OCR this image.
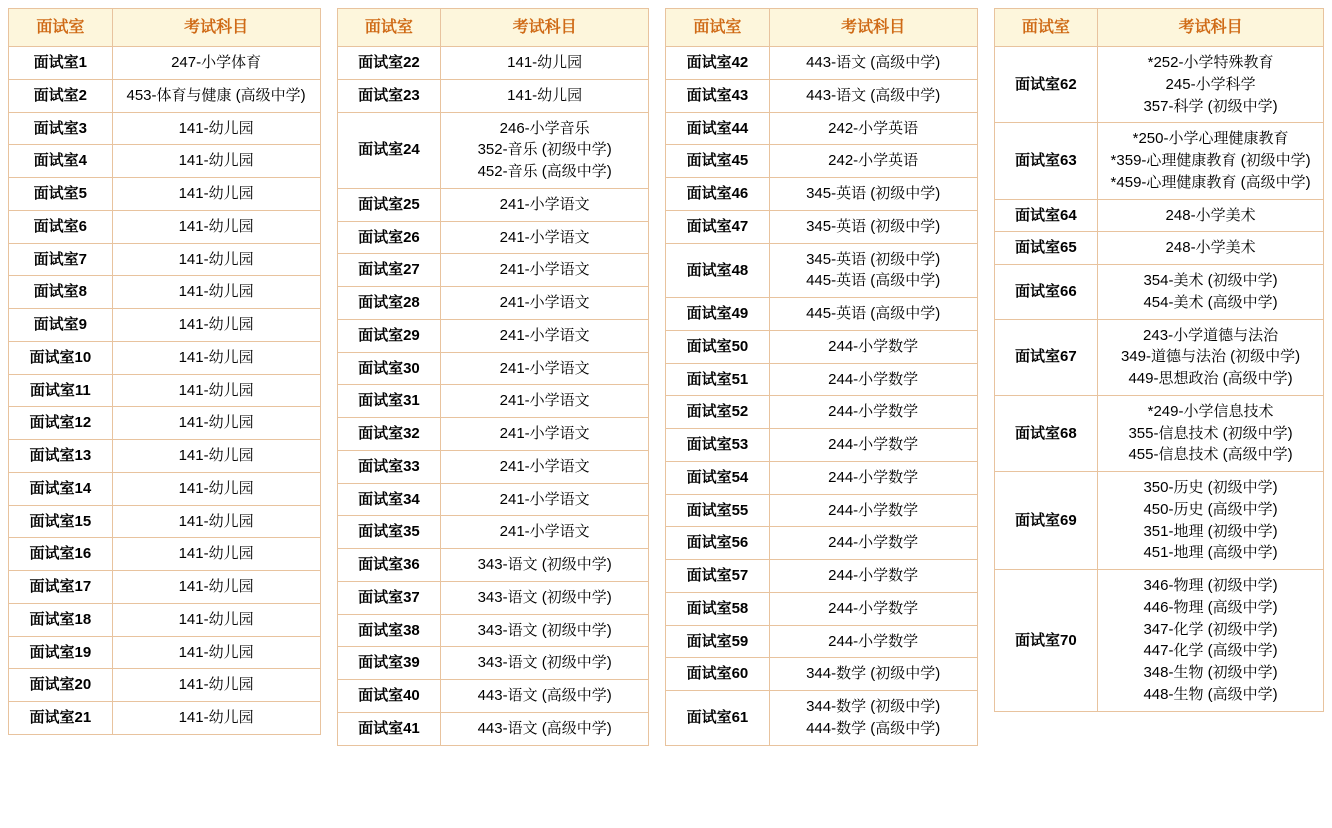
面试室	考试科目
面试室1	247-小学体育

面试室2	453-体育与健康 (高级中学)

面试室3	141-幼儿园

面试室4	141-幼儿园

面试室5	141-幼儿园

面试室6	141-幼儿园

面试室7	141-幼儿园

面试室8	141-幼儿园

面试室9	141-幼儿园

面试室10	141-幼儿园

面试室11	141-幼儿园

面试室12	141-幼儿园

面试室13	141-幼儿园

面试室14	141-幼儿园

面试室15	141-幼儿园

面试室16	141-幼儿园

面试室17	141-幼儿园

面试室18	141-幼儿园

面试室19	141-幼儿园

面试室20	141-幼儿园

面试室21	141-幼儿园
面试室	考试科目
面试室22	141-幼儿园

面试室23	141-幼儿园

面试室24	246-小学音乐
352-音乐 (初级中学)
452-音乐 (高级中学)

面试室25	241-小学语文

面试室26	241-小学语文

面试室27	241-小学语文

面试室28	241-小学语文

面试室29	241-小学语文

面试室30	241-小学语文

面试室31	241-小学语文

面试室32	241-小学语文

面试室33	241-小学语文

面试室34	241-小学语文

面试室35	241-小学语文

面试室36	343-语文 (初级中学)

面试室37	343-语文 (初级中学)

面试室38	343-语文 (初级中学)

面试室39	343-语文 (初级中学)

面试室40	443-语文 (高级中学)

面试室41	443-语文 (高级中学)
面试室	考试科目
面试室42	443-语文 (高级中学)

面试室43	443-语文 (高级中学)

面试室44	242-小学英语

面试室45	242-小学英语

面试室46	345-英语 (初级中学)

面试室47	345-英语 (初级中学)

面试室48	345-英语 (初级中学)
445-英语 (高级中学)

面试室49	445-英语 (高级中学)

面试室50	244-小学数学

面试室51	244-小学数学

面试室52	244-小学数学

面试室53	244-小学数学

面试室54	244-小学数学

面试室55	244-小学数学

面试室56	244-小学数学

面试室57	244-小学数学

面试室58	244-小学数学

面试室59	244-小学数学

面试室60	344-数学 (初级中学)

面试室61	344-数学 (初级中学)
444-数学 (高级中学)
面试室	考试科目
面试室62	*252-小学特殊教育
245-小学科学
357-科学 (初级中学)

面试室63	*250-小学心理健康教育
*359-心理健康教育 (初级中学)
*459-心理健康教育 (高级中学)

面试室64	248-小学美术

面试室65	248-小学美术

面试室66	354-美术 (初级中学)
454-美术 (高级中学)

面试室67	243-小学道德与法治
349-道德与法治 (初级中学)
449-思想政治 (高级中学)

面试室68	*249-小学信息技术
355-信息技术 (初级中学)
455-信息技术 (高级中学)

面试室69	350-历史 (初级中学)
450-历史 (高级中学)
351-地理 (初级中学)
451-地理 (高级中学)

面试室70	
346-物理 (初级中学)
446-物理 (高级中学)
347-化学 (初级中学)
447-化学 (高级中学)
348-生物 (初级中学)
448-生物 (高级中学)
